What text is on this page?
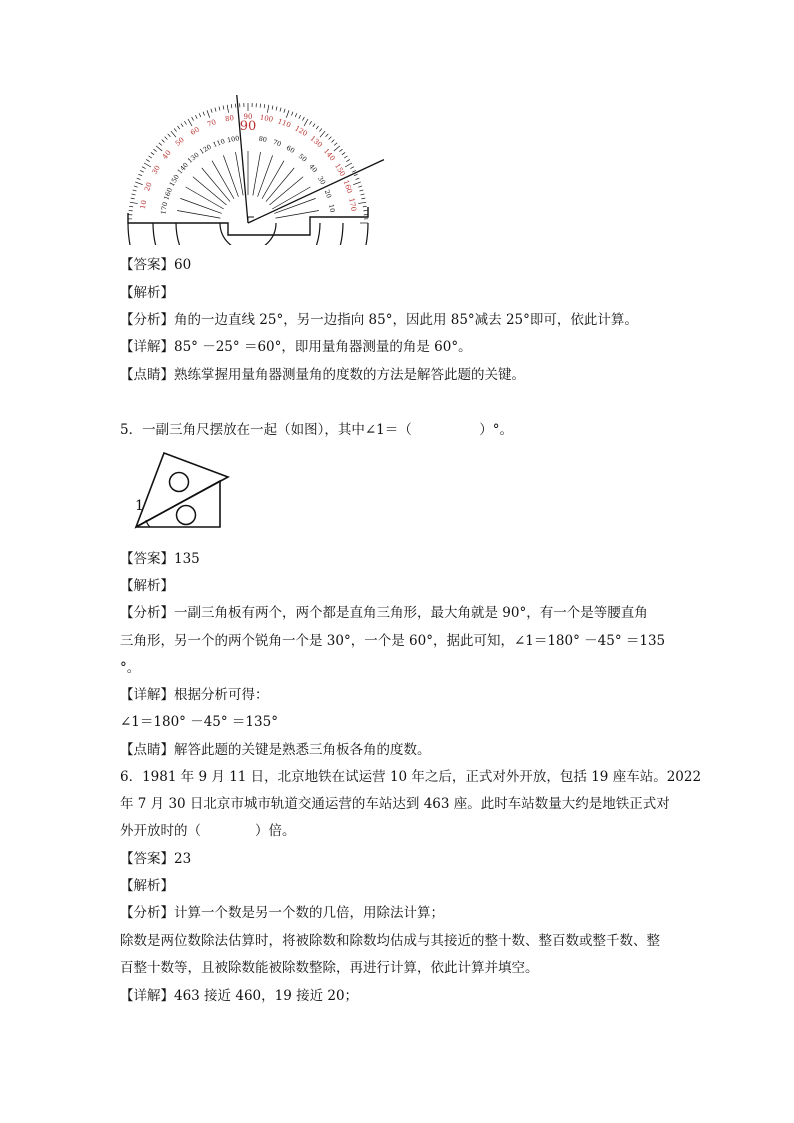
10
20
30
40
50
60
70 80 90 100 110
120
130
140
150
160
170
170
160
150
140
130
120
110 100	80 70
60
50
40
30
20
10
90
【答案】60
【解析】
【分析】角的一边直线 25°，另一边指向 85°，因此用 85°减去 25°即可，依此计算。
【详解】85° －25° ＝60°，即用量角器测量的角是 60°。
【点睛】熟练掌握用量角器测量角的度数的方法是解答此题的关键。
5．一副三角尺摆放在一起（如图），其中∠1＝（　　　　　）°。
1
【答案】135
【解析】
【分析】一副三角板有两个，两个都是直角三角形，最大角就是 90°，有一个是等腰直角
三角形，另一个的两个锐角一个是 30°，一个是 60°，据此可知，∠1＝180° －45° ＝135
°。
【详解】根据分析可得：
∠1＝180° －45° ＝135°
【点睛】解答此题的关键是熟悉三角板各角的度数。
6．1981 年 9 月 11 日，北京地铁在试运营 10 年之后，正式对外开放，包括 19 座车站。2022
年 7 月 30 日北京市城市轨道交通运营的车站达到 463 座。此时车站数量大约是地铁正式对
外开放时的（　　　　）倍。
【答案】23
【解析】
【分析】计算一个数是另一个数的几倍，用除法计算；
除数是两位数除法估算时，将被除数和除数均估成与其接近的整十数、整百数或整千数、整
百整十数等，且被除数能被除数整除，再进行计算，依此计算并填空。
【详解】463 接近 460，19 接近 20；
